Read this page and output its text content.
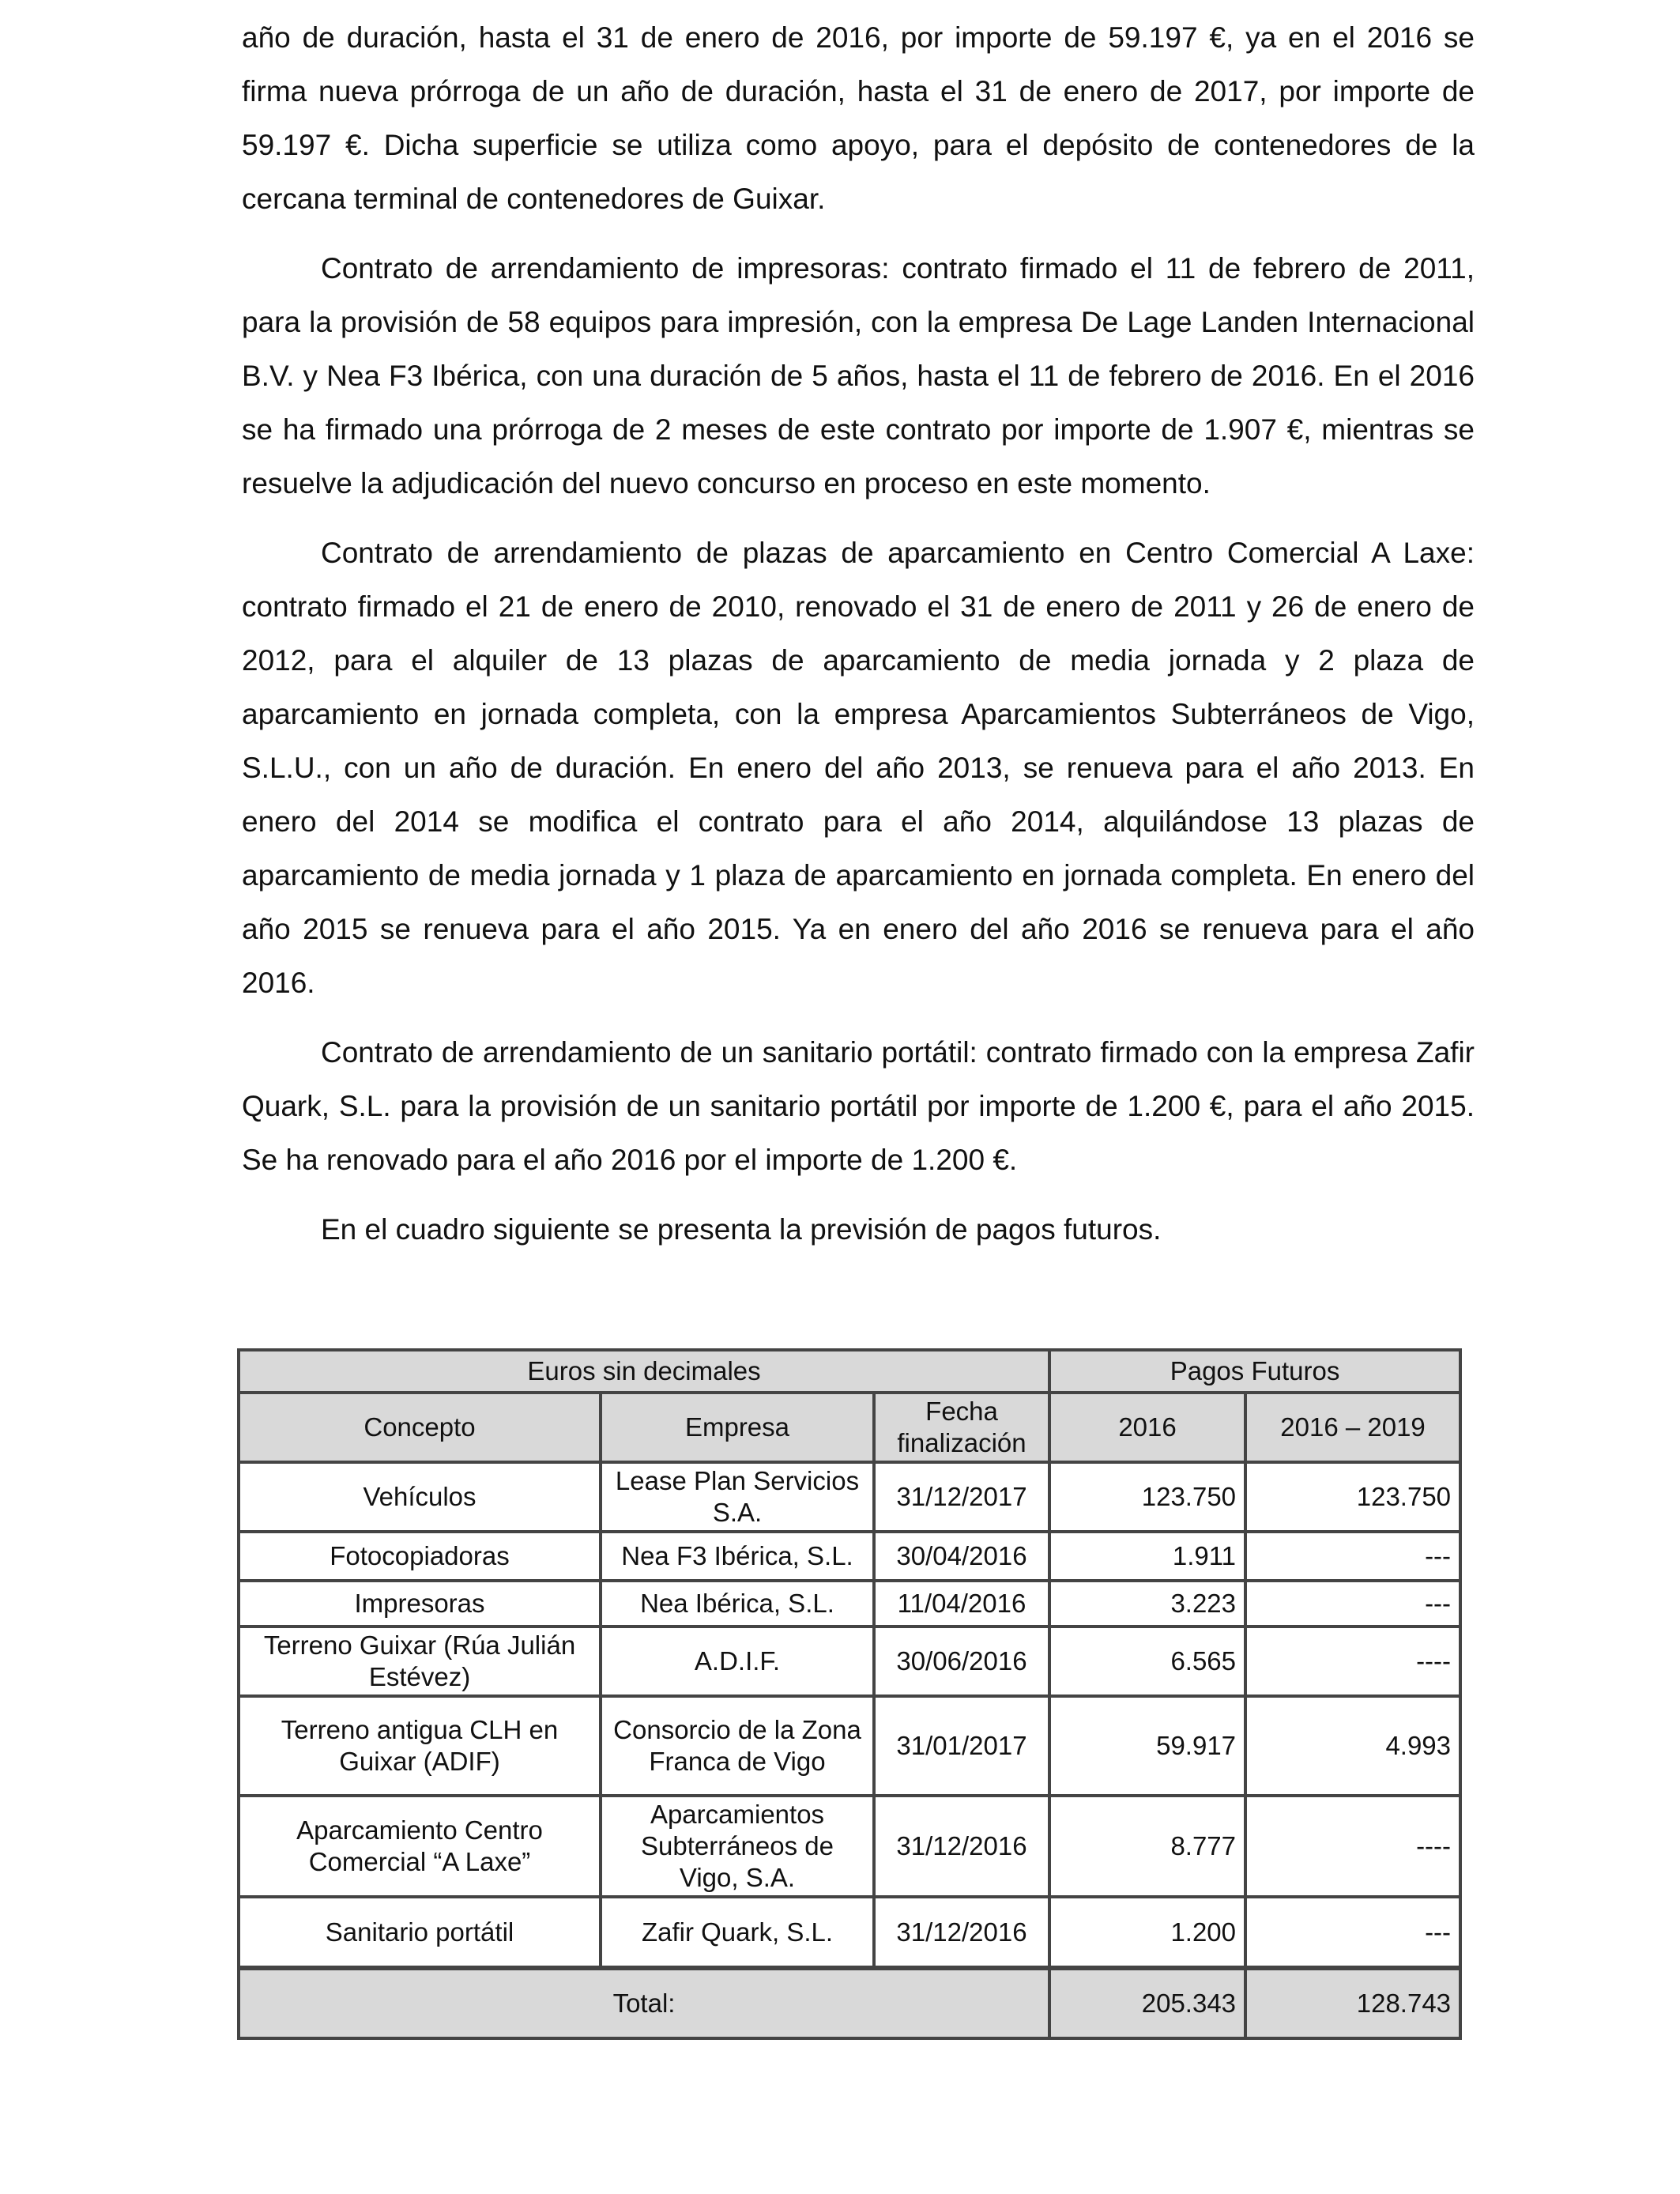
año de duración, hasta el 31 de enero de 2016, por importe de 59.197 €, ya en el 2016 se firma nueva prórroga de un año de duración, hasta el 31 de enero de 2017, por importe de 59.197 €. Dicha superficie se utiliza como apoyo, para el depósito de contenedores de la cercana terminal de contenedores de Guixar.

Contrato de arrendamiento de impresoras: contrato firmado el 11 de febrero de 2011, para la provisión de 58 equipos para impresión, con la empresa De Lage Landen Internacional B.V. y Nea F3 Ibérica, con una duración de 5 años, hasta el 11 de febrero de 2016. En el 2016 se ha firmado una prórroga de 2 meses de este contrato por importe de 1.907 €, mientras se resuelve la adjudicación del nuevo concurso en proceso en este momento.

Contrato de arrendamiento de plazas de aparcamiento en Centro Comercial A Laxe: contrato firmado el 21 de enero de 2010, renovado el 31 de enero de 2011 y 26 de enero de 2012, para el alquiler de 13 plazas de aparcamiento de media jornada y 2 plaza de aparcamiento en jornada completa, con la empresa Aparcamientos Subterráneos de Vigo, S.L.U., con un año de duración. En enero del año 2013, se renueva para el año 2013. En enero del 2014 se modifica el contrato para el año 2014, alquilándose 13 plazas de aparcamiento de media jornada y 1 plaza de aparcamiento en jornada completa. En enero del año 2015 se renueva para el año 2015. Ya en enero del año 2016 se renueva para el año 2016.

Contrato de arrendamiento de un sanitario portátil: contrato firmado con la empresa Zafir Quark, S.L. para la provisión de un sanitario portátil por importe de 1.200 €, para el año 2015. Se ha renovado para el año 2016 por el importe de 1.200 €.

En el cuadro siguiente se presenta la previsión de pagos futuros.

Euros sin decimales			Pagos Futuros	
Concepto	Empresa	Fecha finalización	2016	2016 – 2019
Vehículos	Lease Plan Servicios S.A.	31/12/2017	123.750	123.750
Fotocopiadoras	Nea F3 Ibérica, S.L.	30/04/2016	1.911	---
Impresoras	Nea Ibérica, S.L.	11/04/2016	3.223	---
Terreno Guixar (Rúa Julián Estévez)	A.D.I.F.	30/06/2016	6.565	----
Terreno antigua CLH en Guixar (ADIF)	Consorcio de la Zona Franca de Vigo	31/01/2017	59.917	4.993
Aparcamiento Centro Comercial “A Laxe”	Aparcamientos Subterráneos de Vigo, S.A.	31/12/2016	8.777	----
Sanitario portátil	Zafir Quark, S.L.	31/12/2016	1.200	---
Total:			205.343	128.743
